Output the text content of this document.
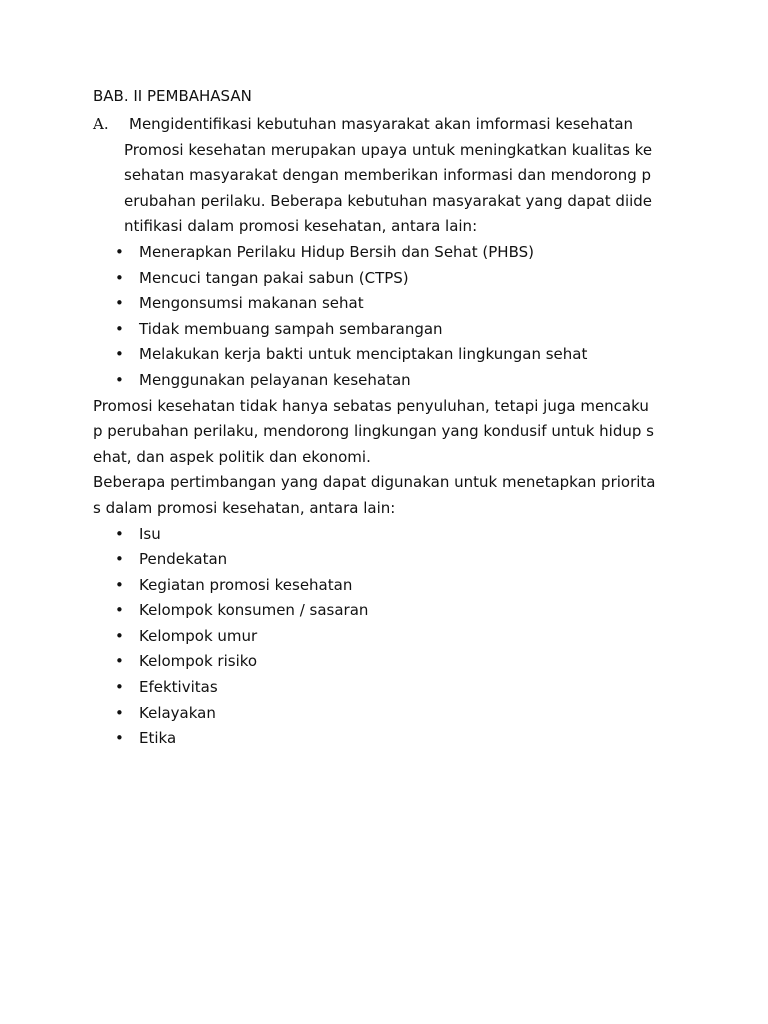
BAB. II PEMBAHASAN
A. Mengidentifikasi kebutuhan masyarakat akan imformasi kesehatan
Promosi kesehatan merupakan upaya untuk meningkatkan kualitas ke
sehatan masyarakat dengan memberikan informasi dan mendorong p
erubahan perilaku. Beberapa kebutuhan masyarakat yang dapat diide
ntifikasi dalam promosi kesehatan, antara lain:
• Menerapkan Perilaku Hidup Bersih dan Sehat (PHBS)
• Mencuci tangan pakai sabun (CTPS)
• Mengonsumsi makanan sehat
• Tidak membuang sampah sembarangan
• Melakukan kerja bakti untuk menciptakan lingkungan sehat
• Menggunakan pelayanan kesehatan
Promosi kesehatan tidak hanya sebatas penyuluhan, tetapi juga mencaku
p perubahan perilaku, mendorong lingkungan yang kondusif untuk hidup s
ehat, dan aspek politik dan ekonomi.
Beberapa pertimbangan yang dapat digunakan untuk menetapkan priorita
s dalam promosi kesehatan, antara lain:
• Isu
• Pendekatan
• Kegiatan promosi kesehatan
• Kelompok konsumen / sasaran
• Kelompok umur
• Kelompok risiko
• Efektivitas
• Kelayakan
• Etika
